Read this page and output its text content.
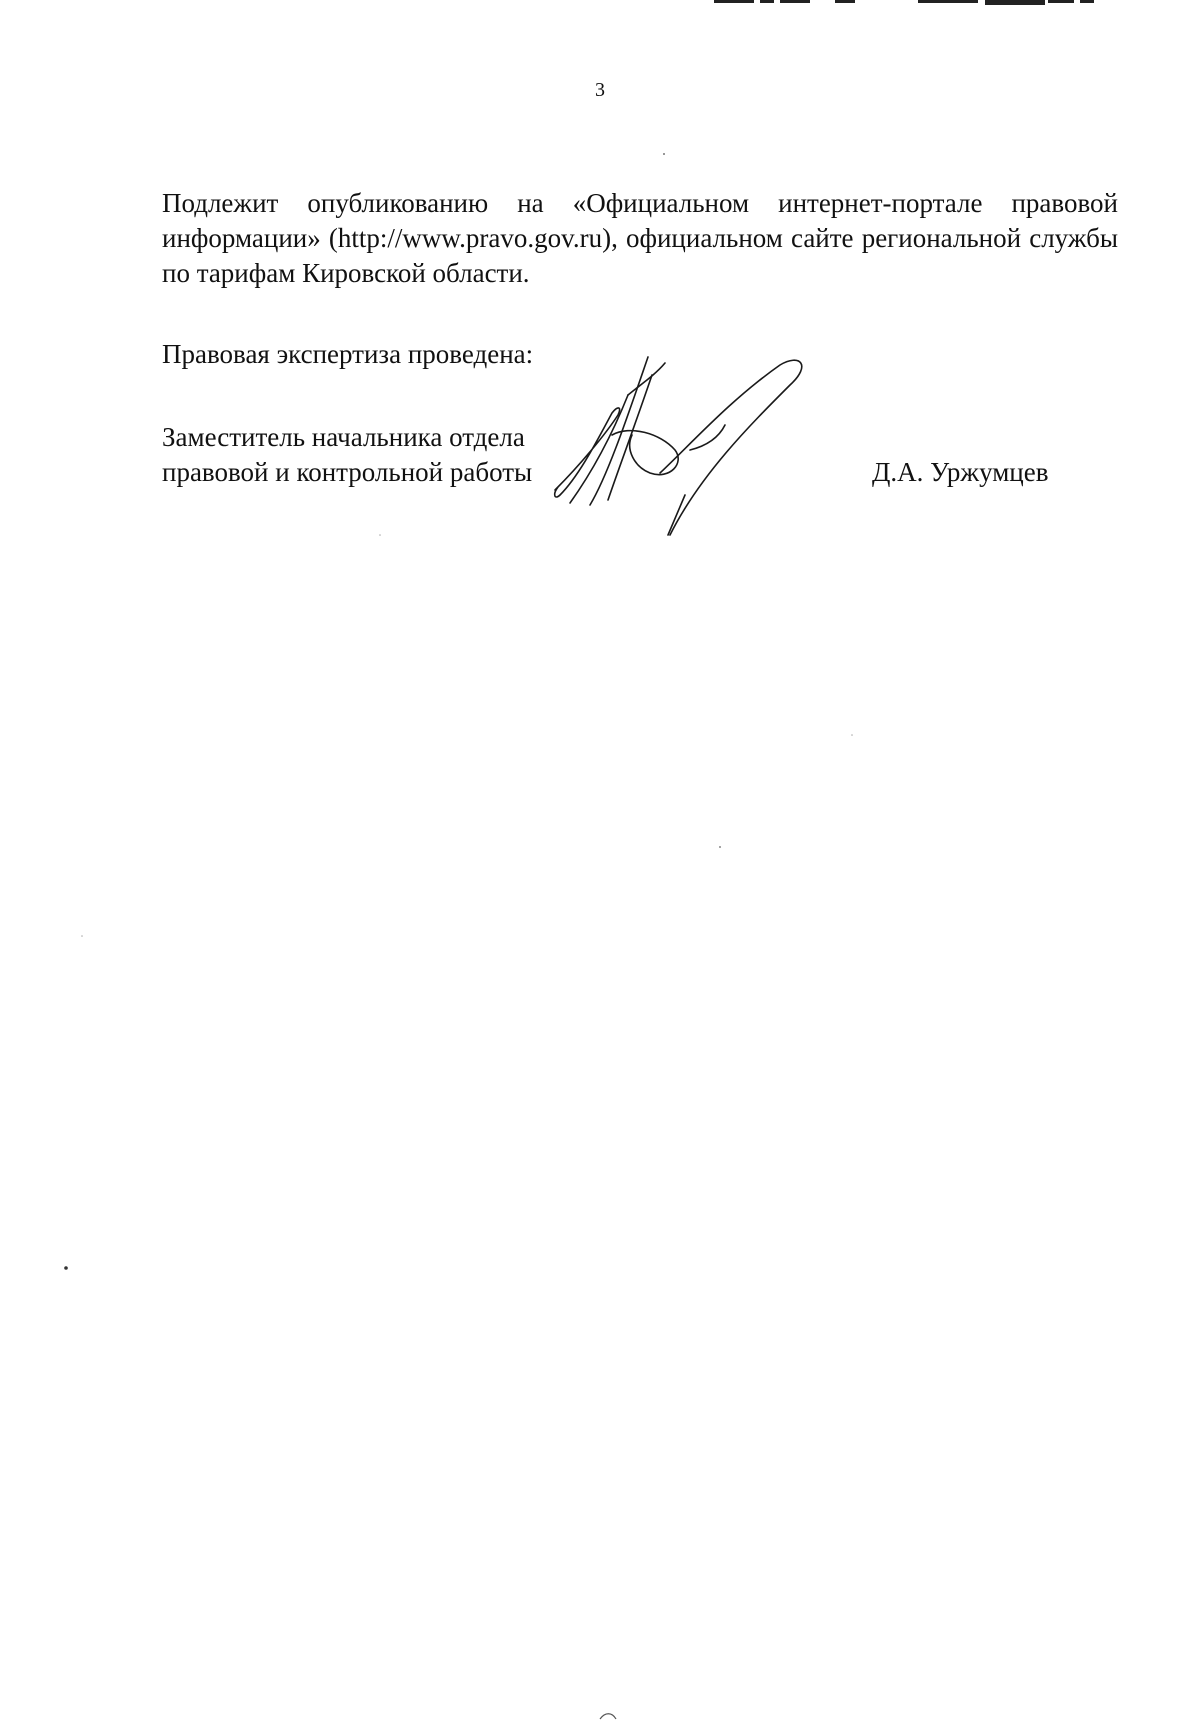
3

Подлежит опубликованию на «Официальном интернет-портале правовой информации» (http://www.pravo.gov.ru), официальном сайте региональной службы по тарифам Кировской области.

Правовая экспертиза проведена:

Заместитель начальника отдела
правовой и контрольной работы	Д.А. Уржумцев
